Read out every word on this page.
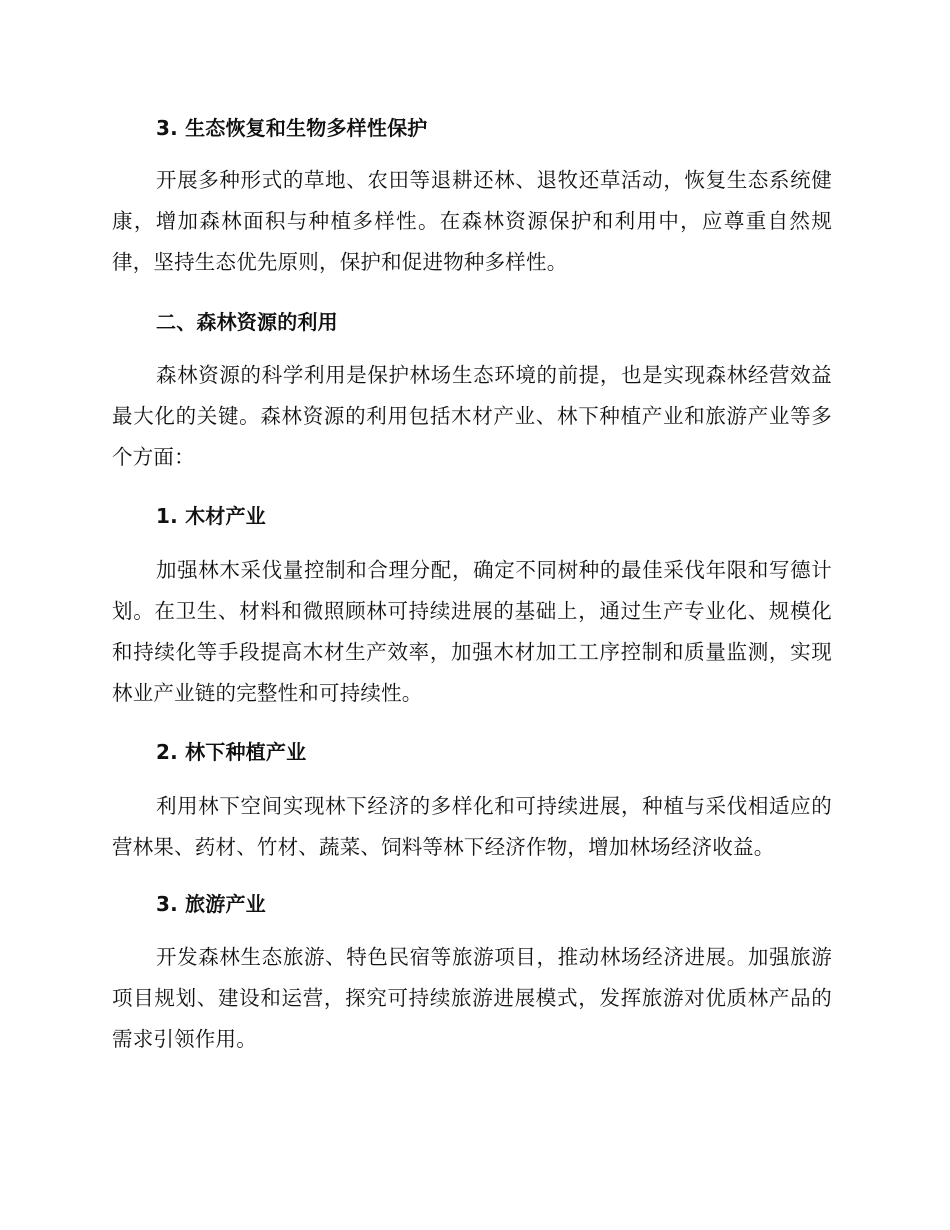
3. 生态恢复和生物多样性保护

开展多种形式的草地、农田等退耕还林、退牧还草活动，恢复生态系统健康，增加森林面积与种植多样性。在森林资源保护和利用中，应尊重自然规律，坚持生态优先原则，保护和促进物种多样性。

二、森林资源的利用

森林资源的科学利用是保护林场生态环境的前提，也是实现森林经营效益最大化的关键。森林资源的利用包括木材产业、林下种植产业和旅游产业等多个方面：

1. 木材产业

加强林木采伐量控制和合理分配，确定不同树种的最佳采伐年限和写德计划。在卫生、材料和微照顾林可持续进展的基础上，通过生产专业化、规模化和持续化等手段提高木材生产效率，加强木材加工工序控制和质量监测，实现林业产业链的完整性和可持续性。

2. 林下种植产业

利用林下空间实现林下经济的多样化和可持续进展，种植与采伐相适应的营林果、药材、竹材、蔬菜、饲料等林下经济作物，增加林场经济收益。

3. 旅游产业

开发森林生态旅游、特色民宿等旅游项目，推动林场经济进展。加强旅游项目规划、建设和运营，探究可持续旅游进展模式，发挥旅游对优质林产品的需求引领作用。
